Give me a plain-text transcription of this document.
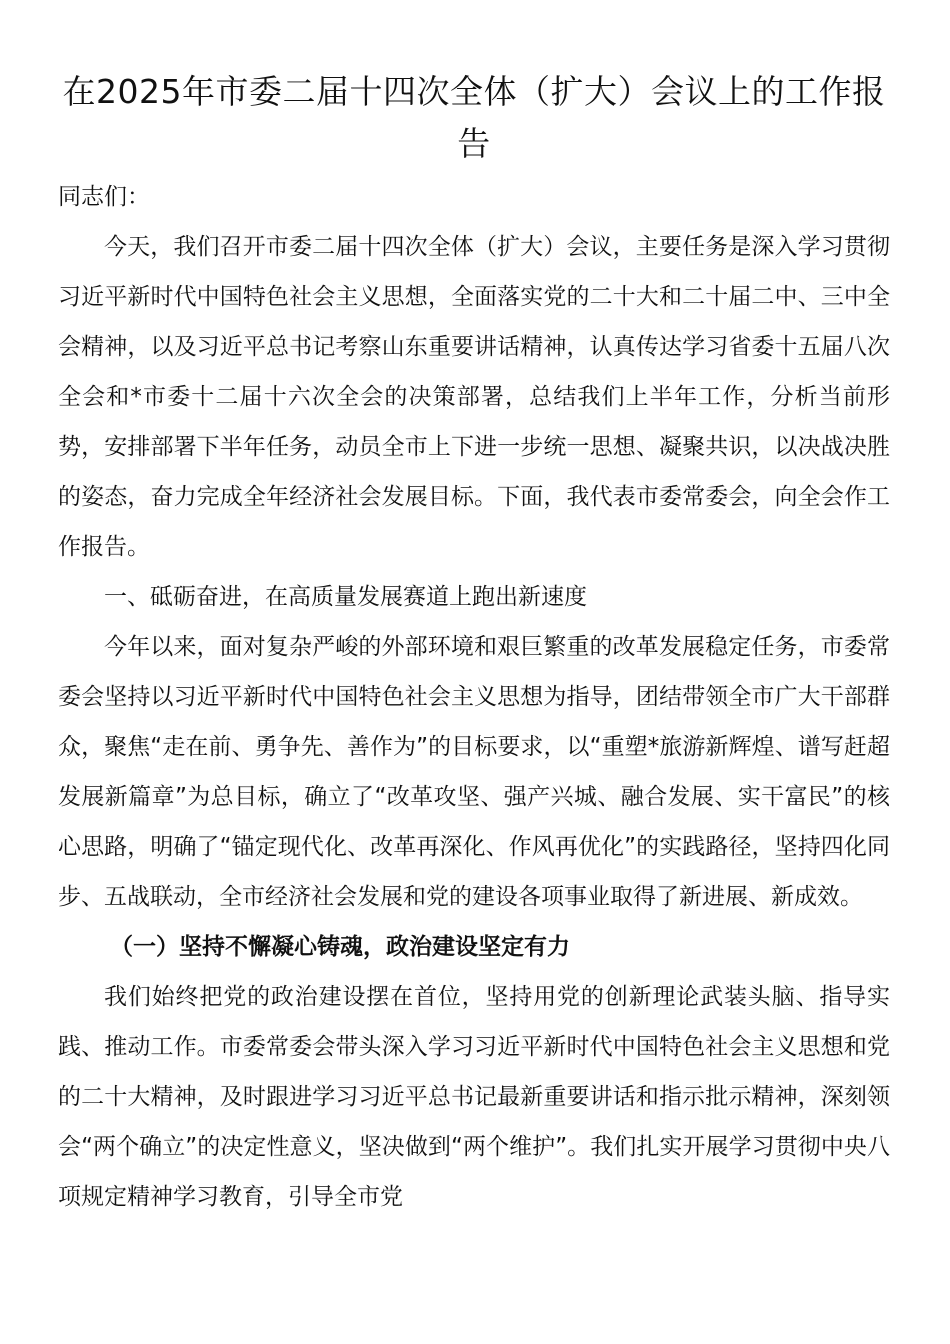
在2025年市委二届十四次全体（扩大）会议上的工作报告

同志们：

今天，我们召开市委二届十四次全体（扩大）会议，主要任务是深入学习贯彻习近平新时代中国特色社会主义思想，全面落实党的二十大和二十届二中、三中全会精神，以及习近平总书记考察山东重要讲话精神，认真传达学习省委十五届八次全会和*市委十二届十六次全会的决策部署，总结我们上半年工作，分析当前形势，安排部署下半年任务，动员全市上下进一步统一思想、凝聚共识，以决战决胜的姿态，奋力完成全年经济社会发展目标。下面，我代表市委常委会，向全会作工作报告。

一、砥砺奋进，在高质量发展赛道上跑出新速度

今年以来，面对复杂严峻的外部环境和艰巨繁重的改革发展稳定任务，市委常委会坚持以习近平新时代中国特色社会主义思想为指导，团结带领全市广大干部群众，聚焦“走在前、勇争先、善作为”的目标要求，以“重塑*旅游新辉煌、谱写赶超发展新篇章”为总目标，确立了“改革攻坚、强产兴城、融合发展、实干富民”的核心思路，明确了“锚定现代化、改革再深化、作风再优化”的实践路径，坚持四化同步、五战联动，全市经济社会发展和党的建设各项事业取得了新进展、新成效。

（一）坚持不懈凝心铸魂，政治建设坚定有力

我们始终把党的政治建设摆在首位，坚持用党的创新理论武装头脑、指导实践、推动工作。市委常委会带头深入学习习近平新时代中国特色社会主义思想和党的二十大精神，及时跟进学习习近平总书记最新重要讲话和指示批示精神，深刻领会“两个确立”的决定性意义，坚决做到“两个维护”。我们扎实开展学习贯彻中央八项规定精神学习教育，引导全市党
